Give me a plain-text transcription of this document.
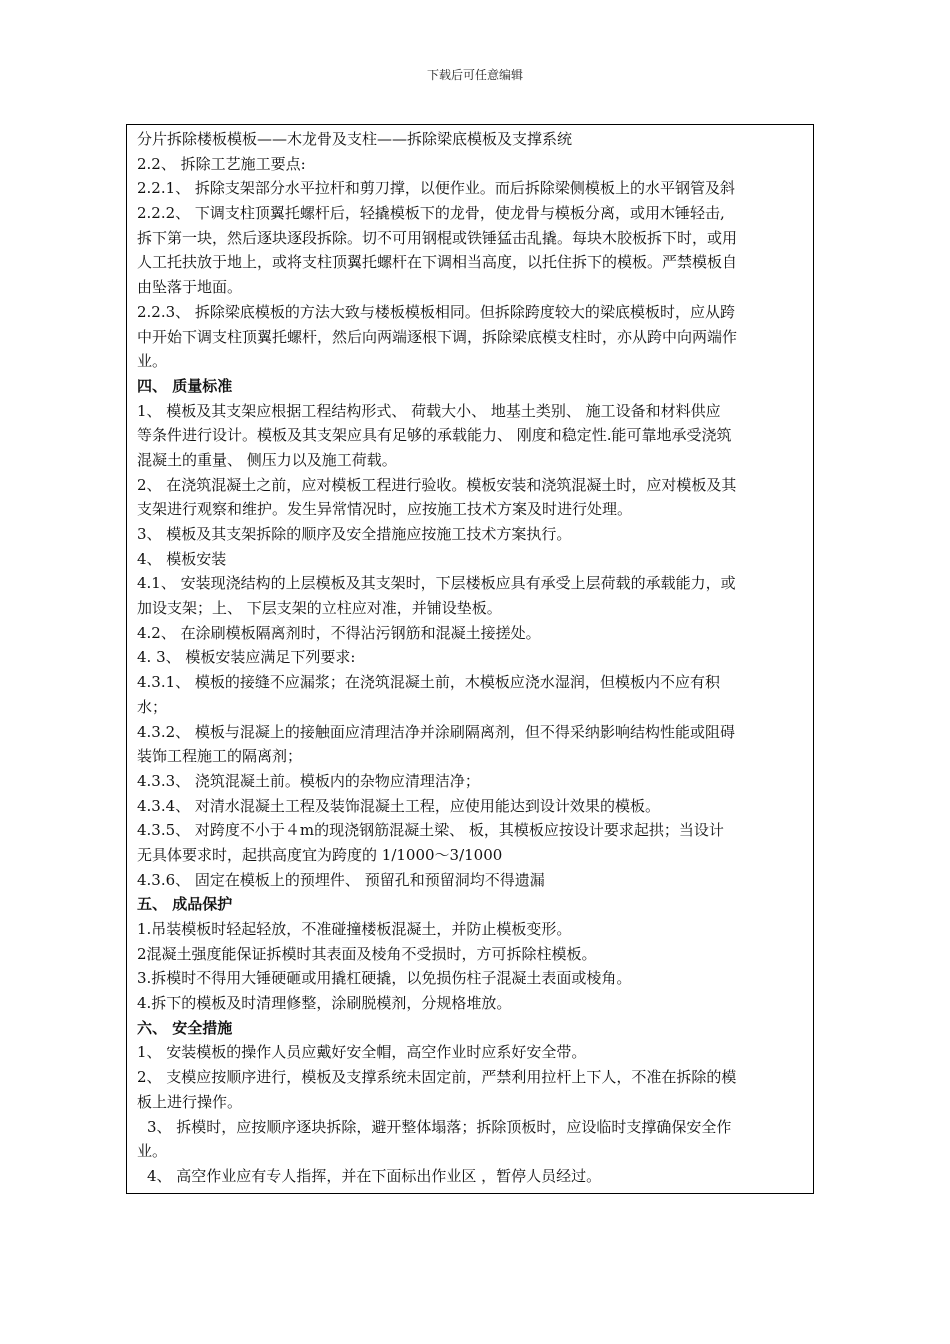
下载后可任意编辑
分片拆除楼板模板——木龙骨及支柱——拆除梁底模板及支撑系统
2.2、 拆除工艺施工要点:
2.2.1、 拆除支架部分水平拉杆和剪刀撑，以便作业。而后拆除梁侧模板上的水平钢管及斜
2.2.2、 下调支柱顶翼托螺杆后，轻撬模板下的龙骨，使龙骨与模板分离，或用木锤轻击,
拆下第一块，然后逐块逐段拆除。切不可用钢棍或铁锤猛击乱撬。每块木胶板拆下时，或用
人工托扶放于地上，或将支柱顶翼托螺杆在下调相当高度，以托住拆下的模板。严禁模板自
由坠落于地面。
2.2.3、 拆除梁底模板的方法大致与楼板模板相同。但拆除跨度较大的梁底模板时，应从跨
中开始下调支柱顶翼托螺杆，然后向两端逐根下调，拆除梁底模支柱时，亦从跨中向两端作
业。
四、 质量标准
1、 模板及其支架应根据工程结构形式、 荷载大小、 地基土类别、 施工设备和材料供应
等条件进行设计。模板及其支架应具有足够的承载能力、 刚度和稳定性.能可靠地承受浇筑
混凝土的重量、 侧压力以及施工荷载。
2、 在浇筑混凝土之前，应对模板工程进行验收。模板安装和浇筑混凝土时，应对模板及其
支架进行观察和维护。发生异常情况时，应按施工技术方案及时进行处理。
3、 模板及其支架拆除的顺序及安全措施应按施工技术方案执行。
4、 模板安装
4.1、 安装现浇结构的上层模板及其支架时，下层楼板应具有承受上层荷载的承载能力，或
加设支架；上、 下层支架的立柱应对准，并铺设垫板。
4.2、 在涂刷模板隔离剂时，不得沾污钢筋和混凝土接搓处。
4. 3、 模板安装应满足下列要求:
4.3.1、 模板的接缝不应漏浆；在浇筑混凝土前，木模板应浇水湿润，但模板内不应有积
水；
4.3.2、 模板与混凝上的接触面应清理洁净并涂刷隔离剂，但不得采纳影响结构性能或阻碍
装饰工程施工的隔离剂；
4.3.3、 浇筑混凝土前。模板内的杂物应清理洁净；
4.3.4、 对清水混凝土工程及装饰混凝土工程，应使用能达到设计效果的模板。
4.3.5、 对跨度不小于４m的现浇钢筋混凝土梁、 板，其模板应按设计要求起拱；当设计
无具体要求时，起拱高度宜为跨度的 1/1000～3/1000
4.3.6、 固定在模板上的预埋件、 预留孔和预留洞均不得遗漏
五、 成品保护
1.吊装模板时轻起轻放，不准碰撞楼板混凝土，并防止模板变形。
2混凝土强度能保证拆模时其表面及棱角不受损时，方可拆除柱模板。
3.拆模时不得用大锤硬砸或用撬杠硬撬，以免损伤柱子混凝土表面或棱角。
4.拆下的模板及时清理修整，涂刷脱模剂，分规格堆放。
六、 安全措施
1、 安装模板的操作人员应戴好安全帽，高空作业时应系好安全带。
2、 支模应按顺序进行，模板及支撑系统未固定前，严禁利用拉杆上下人，不准在拆除的模
板上进行操作。
3、 拆模时，应按顺序逐块拆除，避开整体塌落；拆除顶板时，应设临时支撑确保安全作
业。
4、 高空作业应有专人指挥，并在下面标出作业区 ，暂停人员经过。
